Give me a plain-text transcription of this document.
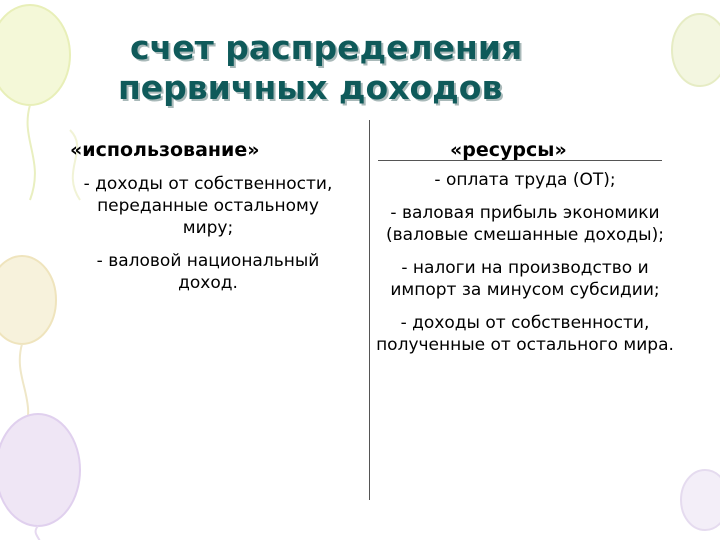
счет распределения
первичных доходов
«использование»	«ресурсы»

- доходы от собственности, переданные остальному миру;

- валовой национальный доход.

- оплата труда (ОТ);

- валовая прибыль экономики (валовые смешанные доходы);

- налоги на производство и импорт за минусом субсидии;

- доходы от собственности, полученные от остального мира.
